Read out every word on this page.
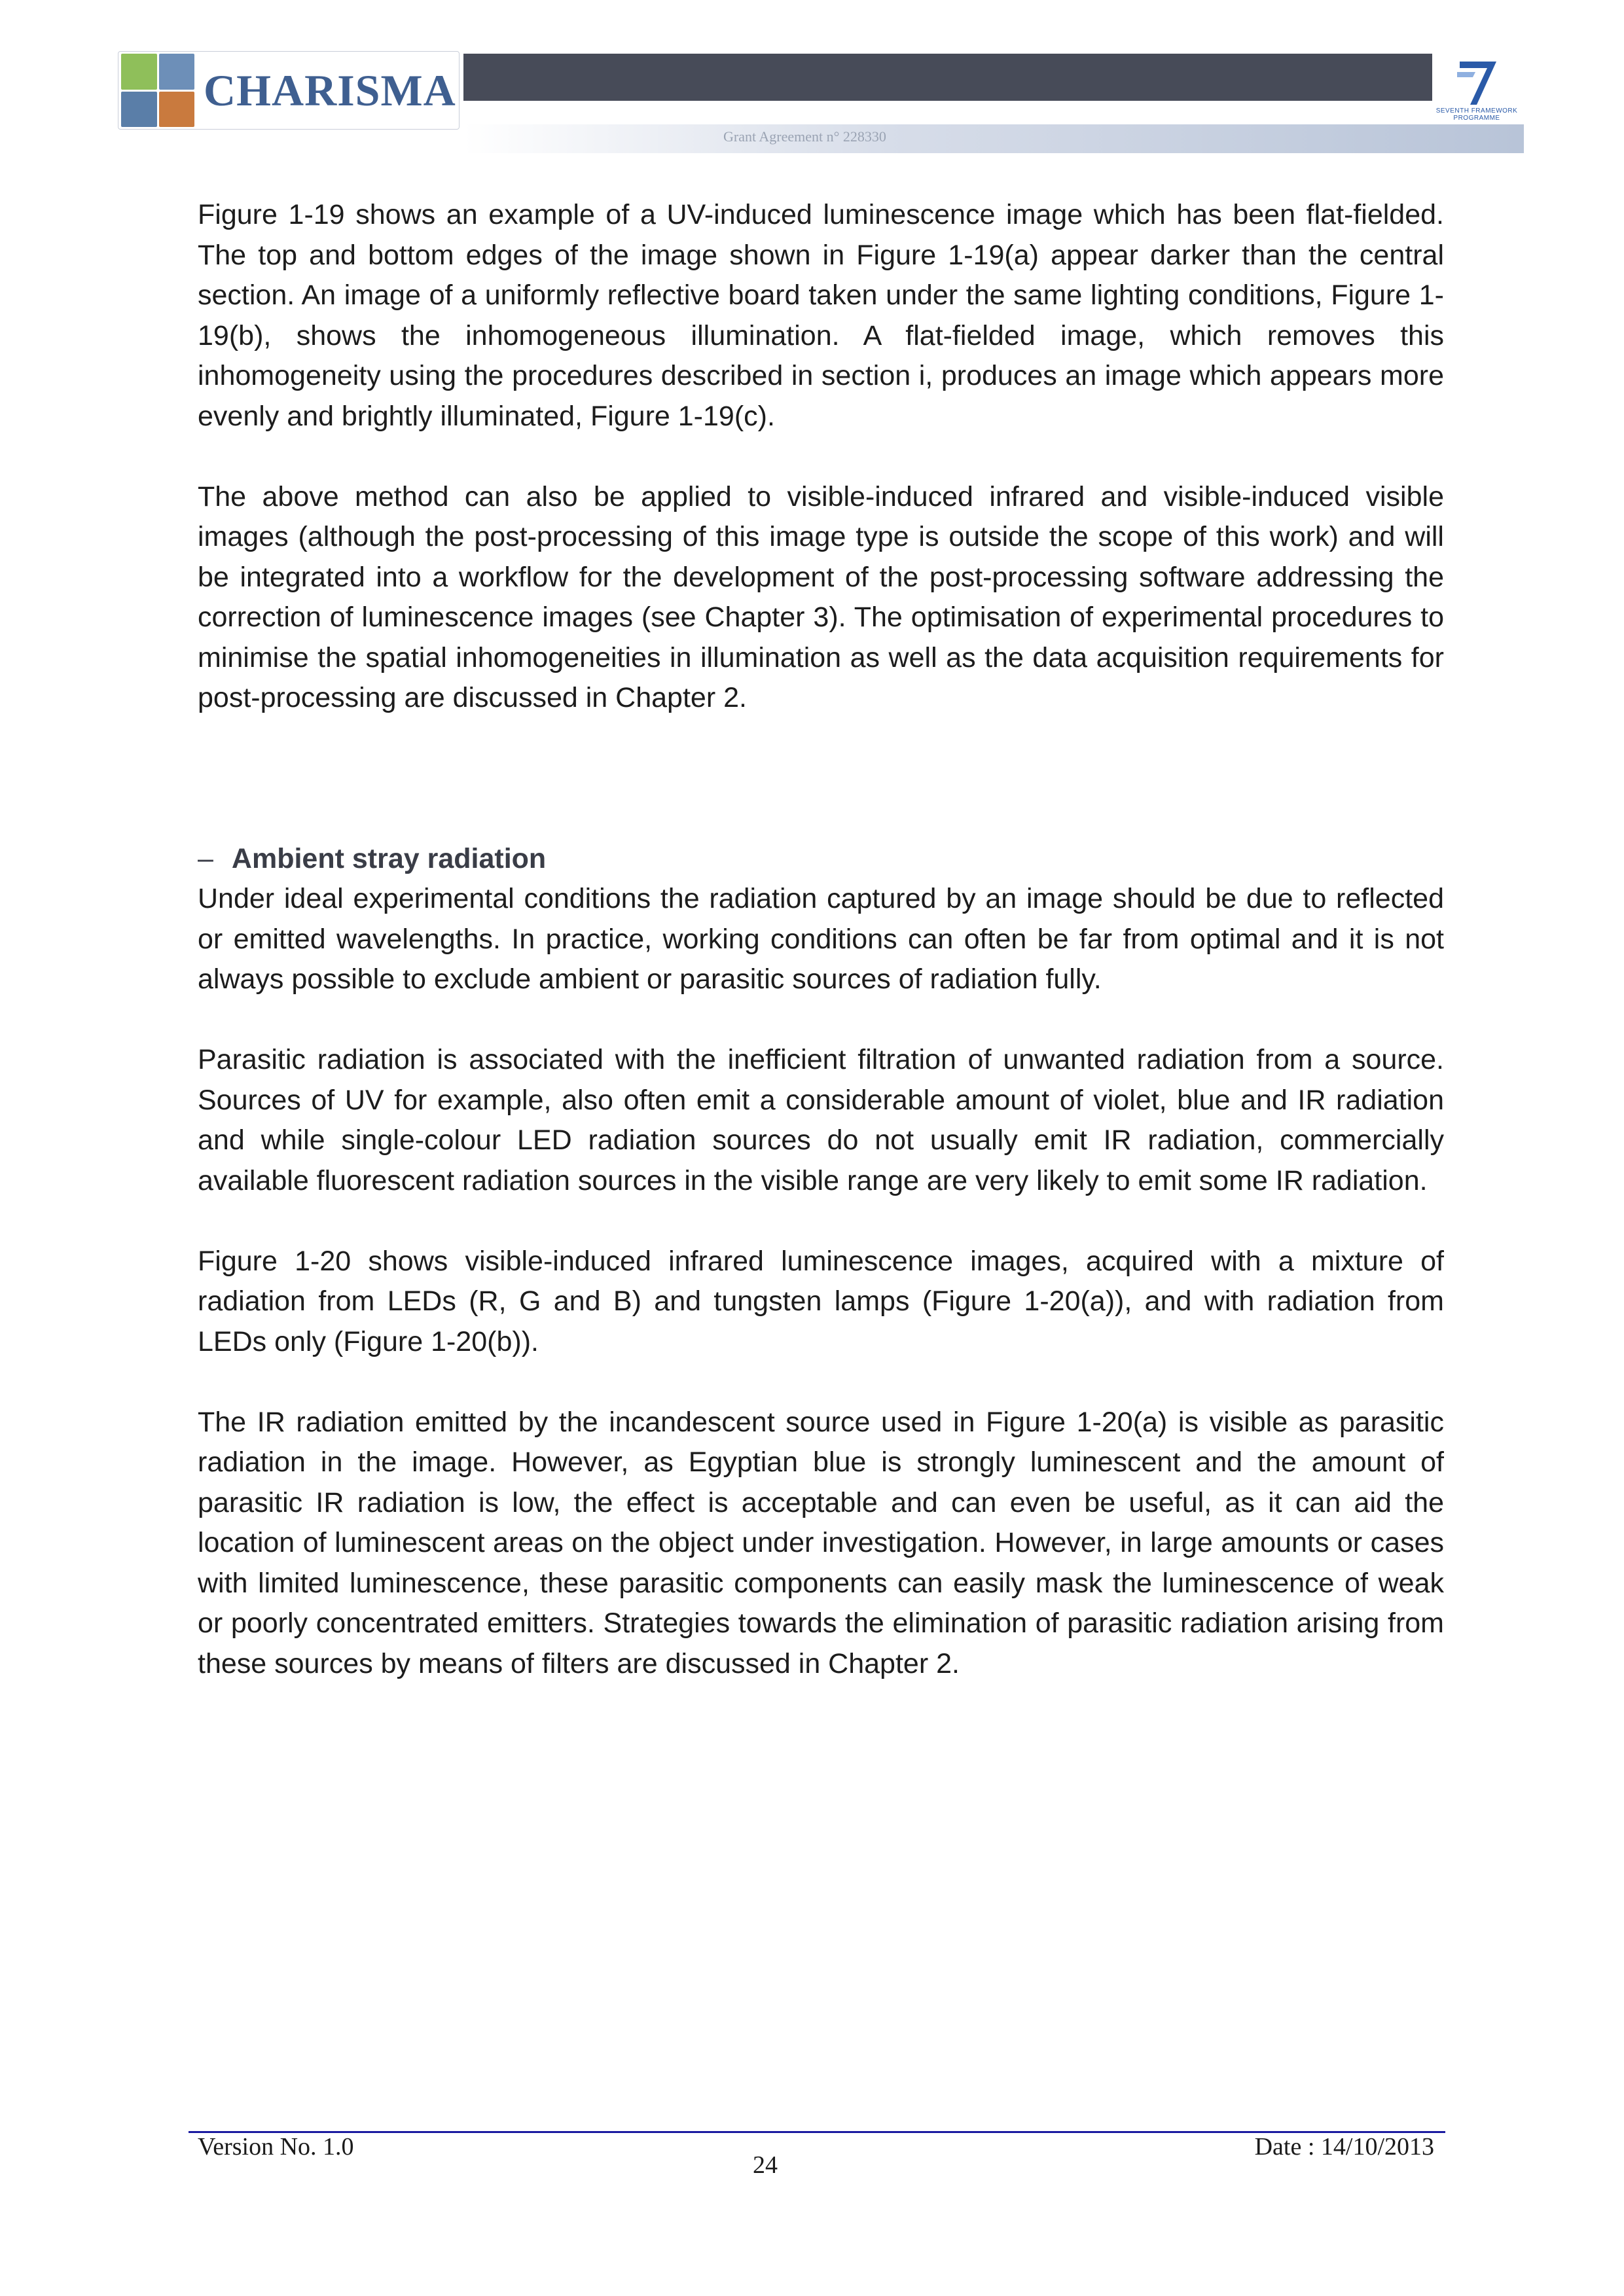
CHARISMA
Grant Agreement n° 228330
SEVENTH FRAMEWORK
PROGRAMME

Figure 1-19 shows an example of a UV-induced luminescence image which has been flat-fielded. The top and bottom edges of the image shown in Figure 1-19(a) appear darker than the central section. An image of a uniformly reflective board taken under the same lighting conditions, Figure 1-19(b), shows the inhomogeneous illumination. A flat-fielded image, which removes this inhomogeneity using the procedures described in section i, produces an image which appears more evenly and brightly illuminated, Figure 1-19(c).

The above method can also be applied to visible-induced infrared and visible-induced visible images (although the post-processing of this image type is outside the scope of this work) and will be integrated into a workflow for the development of the post-processing software addressing the correction of luminescence images (see Chapter 3). The optimisation of experimental procedures to minimise the spatial inhomogeneities in illumination as well as the data acquisition requirements for post-processing are discussed in Chapter 2.

– Ambient stray radiation

Under ideal experimental conditions the radiation captured by an image should be due to reflected or emitted wavelengths. In practice, working conditions can often be far from optimal and it is not always possible to exclude ambient or parasitic sources of radiation fully.

Parasitic radiation is associated with the inefficient filtration of unwanted radiation from a source. Sources of UV for example, also often emit a considerable amount of violet, blue and IR radiation and while single-colour LED radiation sources do not usually emit IR radiation, commercially available fluorescent radiation sources in the visible range are very likely to emit some IR radiation.

Figure 1-20 shows visible-induced infrared luminescence images, acquired with a mixture of radiation from LEDs (R, G and B) and tungsten lamps (Figure 1-20(a)), and with radiation from LEDs only (Figure 1-20(b)).

The IR radiation emitted by the incandescent source used in Figure 1-20(a) is visible as parasitic radiation in the image. However, as Egyptian blue is strongly luminescent and the amount of parasitic IR radiation is low, the effect is acceptable and can even be useful, as it can aid the location of luminescent areas on the object under investigation. However, in large amounts or cases with limited luminescence, these parasitic components can easily mask the luminescence of weak or poorly concentrated emitters. Strategies towards the elimination of parasitic radiation arising from these sources by means of filters are discussed in Chapter 2.

Version No. 1.0
24
Date : 14/10/2013
